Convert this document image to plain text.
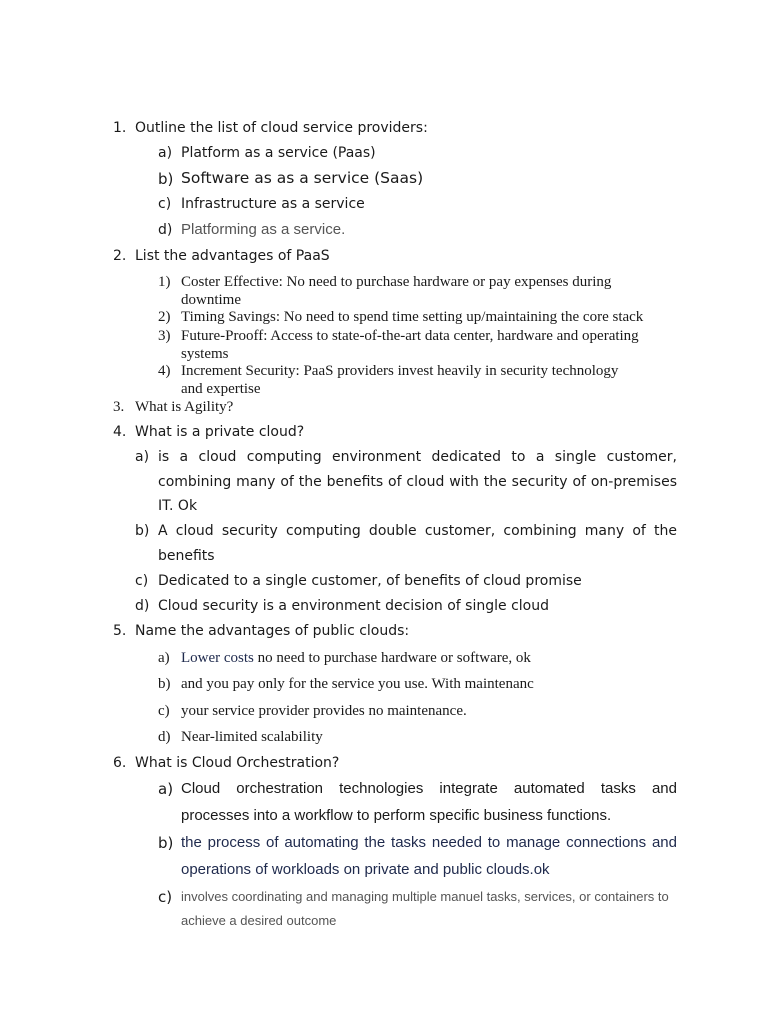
1. Outline the list of cloud service providers:
a) Platform as a service (Paas)
b) Software as as a service (Saas)
c) Infrastructure as a service
d) Platforming as a service.
2. List the advantages of PaaS
1) Coster Effective: No need to purchase hardware or pay expenses during
downtime
2) Timing Savings: No need to spend time setting up/maintaining the core stack
3) Future-Prooff: Access to state-of-the-art data center, hardware and operating
systems
4) Increment Security: PaaS providers invest heavily in security technology
and expertise
3. What is Agility?
4. What is a private cloud?
a) is a cloud computing environment dedicated to a single customer,
combining many of the benefits of cloud with the security of on-premises
IT. Ok
b) A cloud security computing double customer, combining many of the
benefits
c) Dedicated to a single customer, of benefits of cloud promise
d) Cloud security is a environment decision of single cloud
5. Name the advantages of public clouds:
a) Lower costs no need to purchase hardware or software, ok
b) and you pay only for the service you use. With maintenanc
c) your service provider provides no maintenance.
d) Near-limited scalability
6. What is Cloud Orchestration?
a) Cloud orchestration technologies integrate automated tasks and
processes into a workflow to perform specific business functions.
b) the process of automating the tasks needed to manage connections and
operations of workloads on private and public clouds.ok
c) involves coordinating and managing multiple manuel tasks, services, or containers to
achieve a desired outcome
